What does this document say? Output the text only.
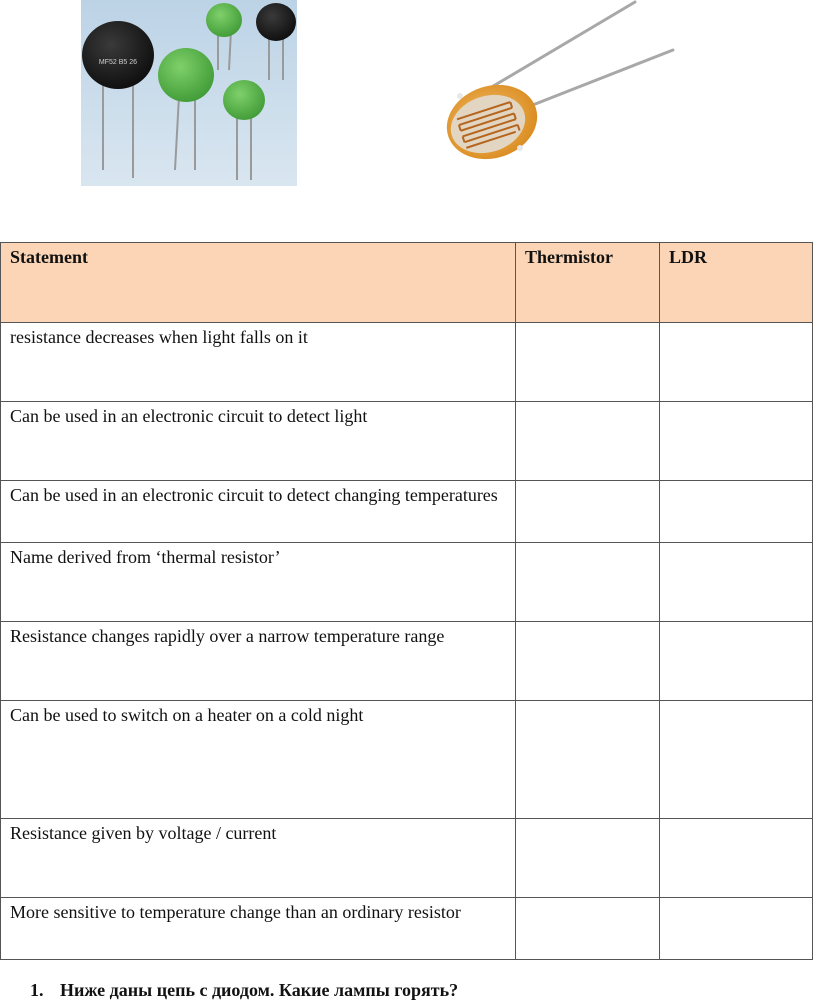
MF52 B5 26
Statement	Thermistor	LDR
resistance decreases when light falls on it		
Can be used in an electronic circuit to detect light		
Can be used in an electronic circuit to detect changing temperatures		
Name derived from ‘thermal resistor’		
Resistance changes rapidly over a narrow temperature range		
Can be used to switch on a heater on a cold night		
Resistance given by voltage / current		
More sensitive to temperature change than an ordinary resistor		

1. Ниже даны цепь с диодом. Какие лампы горять?
